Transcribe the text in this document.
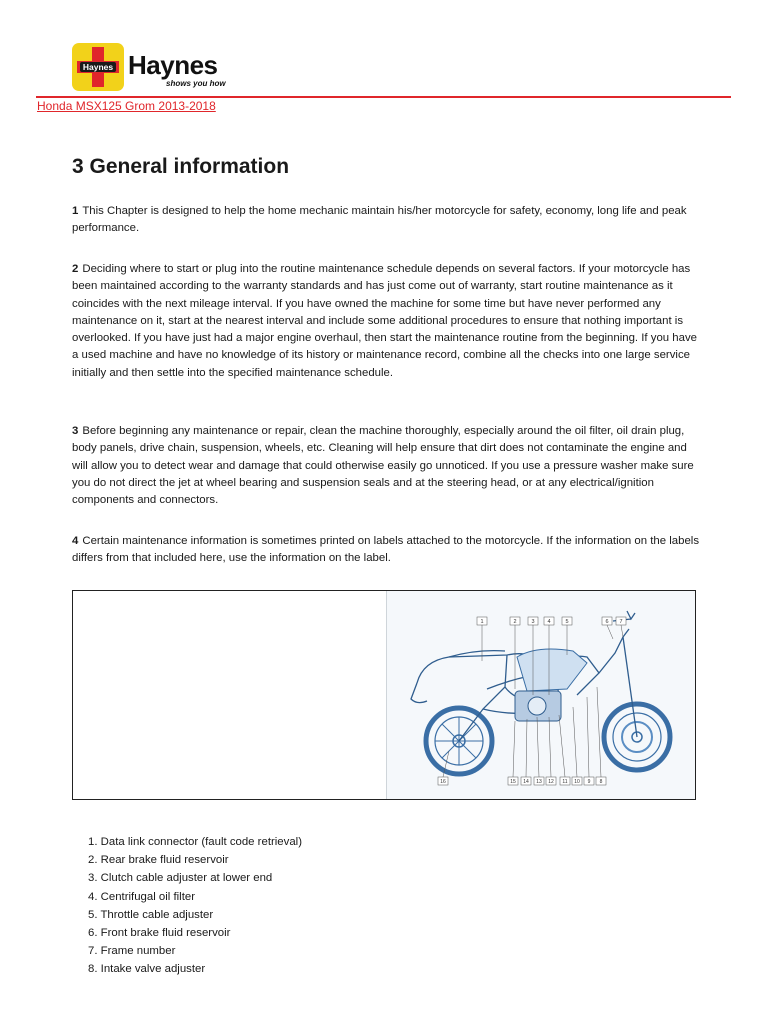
Haynes Haynes
shows you how
Honda MSX125 Grom 2013-2018
3 General information

1 This Chapter is designed to help the home mechanic maintain his/her motorcycle for safety, economy, long life and peak performance.

2 Deciding where to start or plug into the routine maintenance schedule depends on several factors. If your motorcycle has been maintained according to the warranty standards and has just come out of warranty, start routine maintenance as it coincides with the next mileage interval. If you have owned the machine for some time but have never performed any maintenance on it, start at the nearest interval and include some additional procedures to ensure that nothing important is overlooked. If you have just had a major engine overhaul, then start the maintenance routine from the beginning. If you have a used machine and have no knowledge of its history or maintenance record, combine all the checks into one large service initially and then settle into the specified maintenance schedule.

3 Before beginning any maintenance or repair, clean the machine thoroughly, especially around the oil filter, oil drain plug, body panels, drive chain, suspension, wheels, etc. Cleaning will help ensure that dirt does not contaminate the engine and will allow you to detect wear and damage that could otherwise easily go unnoticed. If you use a pressure washer make sure you do not direct the jet at wheel bearing and suspension seals and at the steering head, or at any electrical/ignition components and connectors.

4 Certain maintenance information is sometimes printed on labels attached to the motorcycle. If the information on the labels differs from that included here, use the information on the label.

1	2	3 4	5	6 7
16	15 14 13 12 11 10 9 8
1. Data link connector (fault code retrieval)
2. Rear brake fluid reservoir
3. Clutch cable adjuster at lower end
4. Centrifugal oil filter
5. Throttle cable adjuster
6. Front brake fluid reservoir
7. Frame number
8. Intake valve adjuster
